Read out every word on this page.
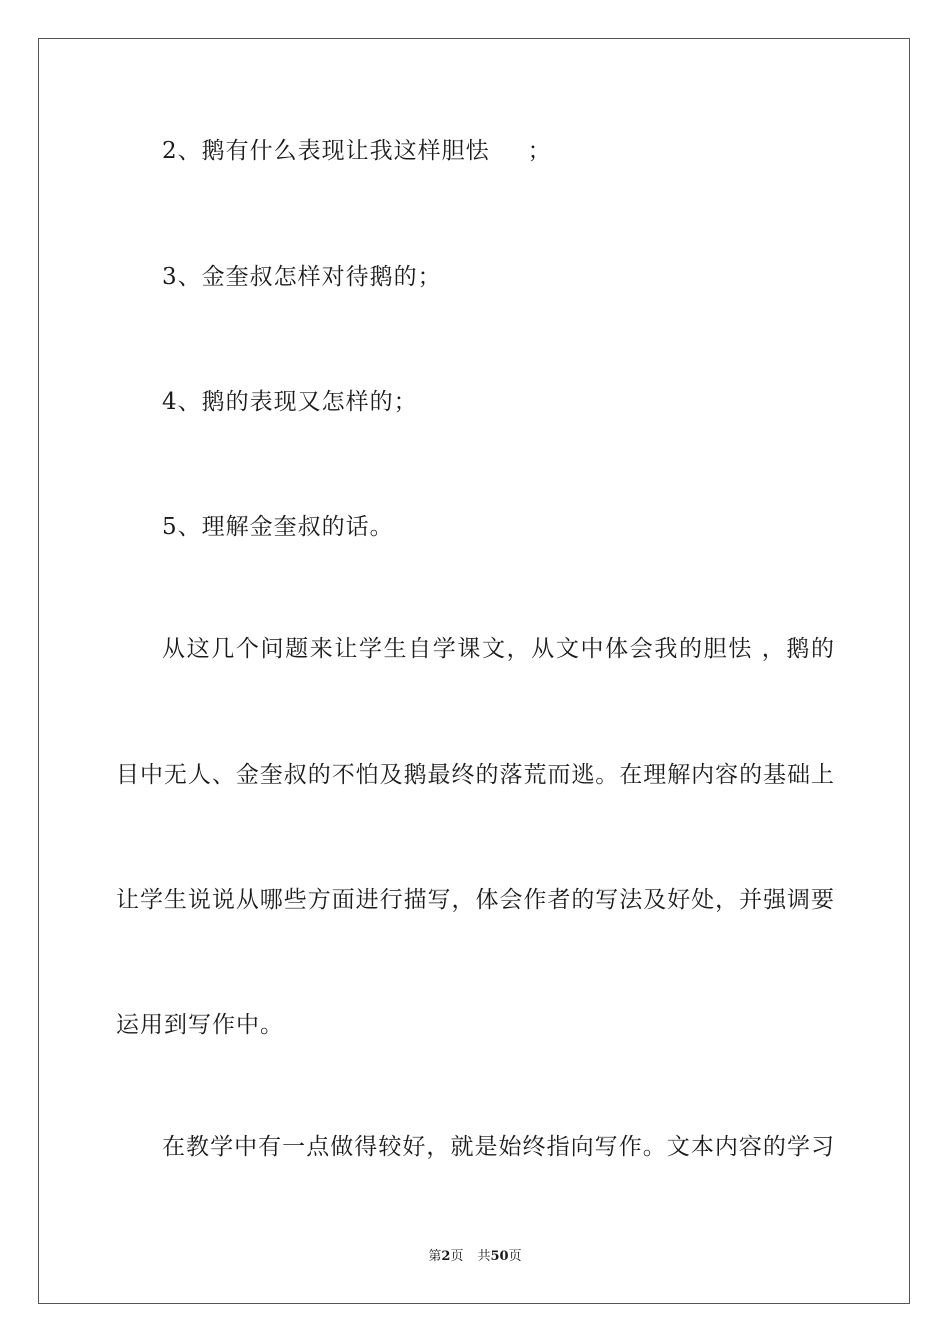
2、鹅有什么表现让我这样胆怯 ；
3、金奎叔怎样对待鹅的；
4、鹅的表现又怎样的；
5、理解金奎叔的话。
从这几个问题来让学生自学课文，从文中体会我的胆怯 ，鹅的
目中无人、金奎叔的不怕及鹅最终的落荒而逃。在理解内容的基础上
让学生说说从哪些方面进行描写，体会作者的写法及好处，并强调要
运用到写作中。
在教学中有一点做得较好，就是始终指向写作。文本内容的学习
第2页 共50页
